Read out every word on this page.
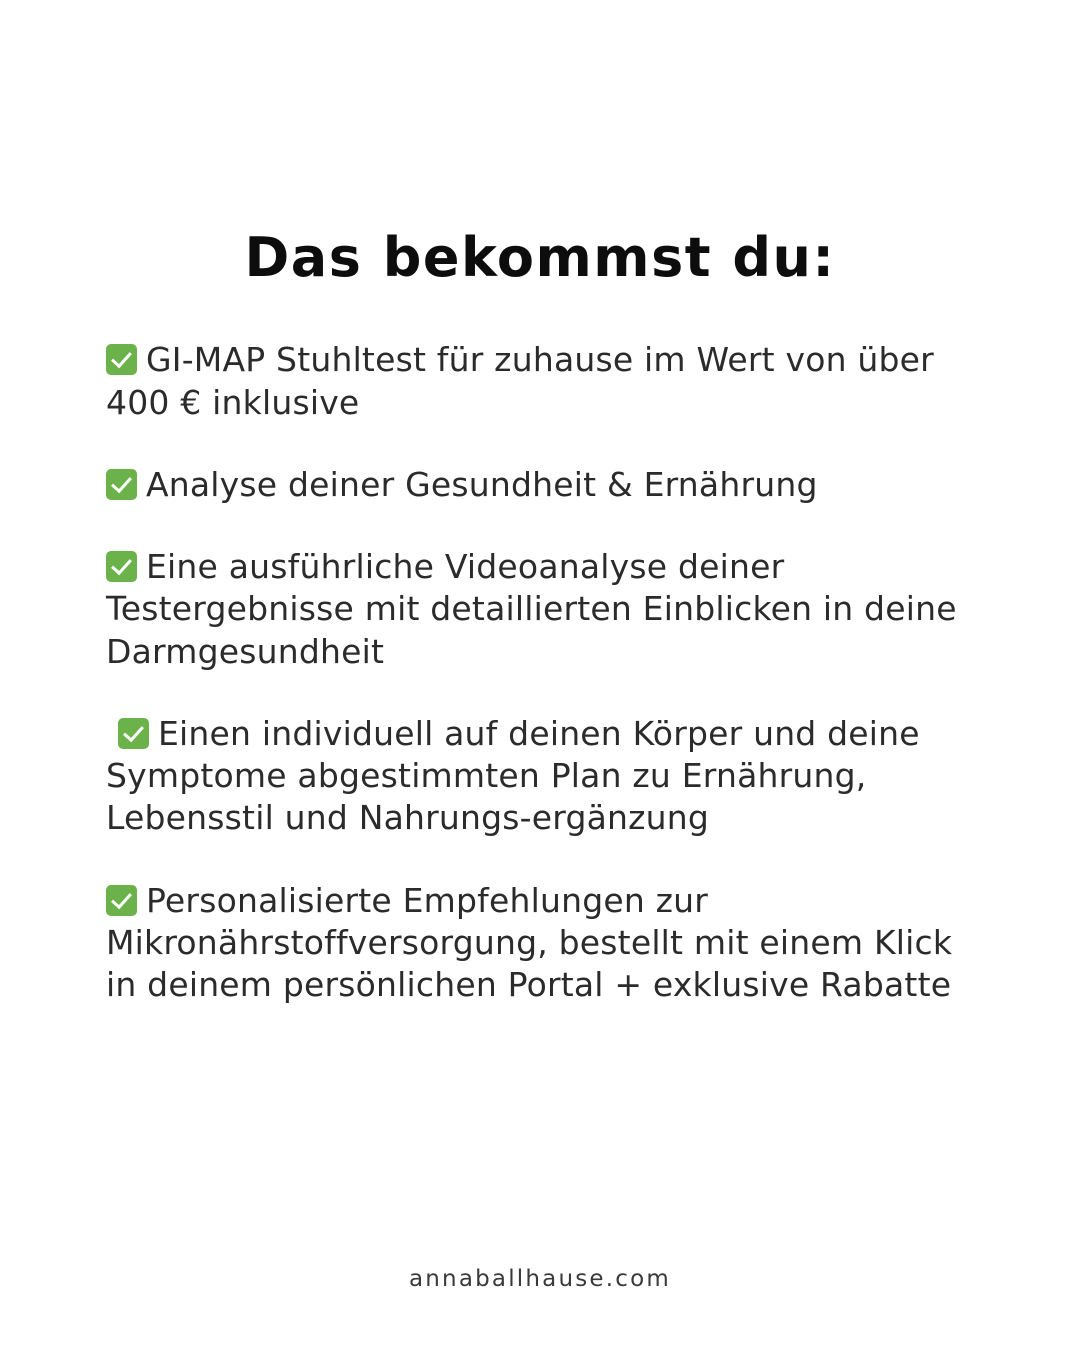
Das bekommst du:
GI-MAP Stuhltest für zuhause im Wert von über 400 € inklusive
Analyse deiner Gesundheit & Ernährung
Eine ausführliche Videoanalyse deiner Testergebnisse mit detaillierten Einblicken in deine Darmgesundheit
Einen individuell auf deinen Körper und deine Symptome abgestimmten Plan zu Ernährung, Lebensstil und Nahrungs-ergänzung
Personalisierte Empfehlungen zur Mikronährstoffversorgung, bestellt mit einem Klick in deinem persönlichen Portal + exklusive Rabatte
annaballhause.com
